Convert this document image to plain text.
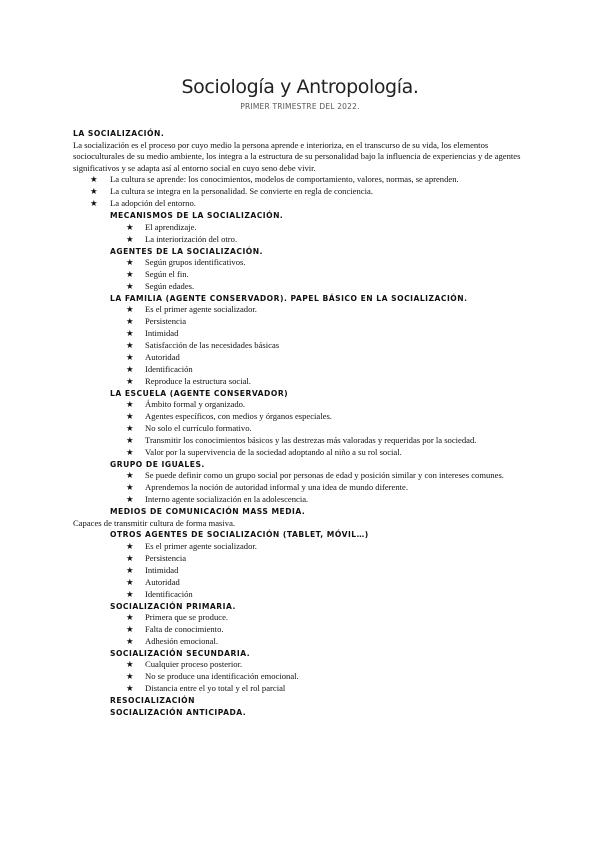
Sociología y Antropología.
PRIMER TRIMESTRE DEL 2022.
LA SOCIALIZACIÓN.
La socialización es el proceso por cuyo medio la persona aprende e interioriza, en el transcurso de su vida, los elementos socioculturales de su medio ambiente, los integra a la estructura de su personalidad bajo la influencia de experiencias y de agentes significativos y se adapta así al entorno social en cuyo seno debe vivir.
★ La cultura se aprende: los conocimientos, modelos de comportamiento, valores, normas, se aprenden.
★ La cultura se integra en la personalidad. Se convierte en regla de conciencia.
★ La adopción del entorno.
MECANISMOS DE LA SOCIALIZACIÓN.
★ El aprendizaje.
★ La interiorización del otro.
AGENTES DE LA SOCIALIZACIÓN.
★ Según grupos identificativos.
★ Según el fin.
★ Según edades.
LA FAMILIA (AGENTE CONSERVADOR). PAPEL BÁSICO EN LA SOCIALIZACIÓN.
★ Es el primer agente socializador.
★ Persistencia
★ Intimidad
★ Satisfacción de las necesidades básicas
★ Autoridad
★ Identificación
★ Reproduce la estructura social.
LA ESCUELA (AGENTE CONSERVADOR)
★ Ámbito formal y organizado.
★ Agentes específicos, con medios y órganos especiales.
★ No solo el currículo formativo.
★ Transmitir los conocimientos básicos y las destrezas más valoradas y requeridas por la sociedad.
★ Valor por la supervivencia de la sociedad adoptando al niño a su rol social.
GRUPO DE IGUALES.
★ Se puede definir como un grupo social por personas de edad y posición similar y con intereses comunes.
★ Aprendemos la noción de autoridad informal y una idea de mundo diferente.
★ Interno agente socialización en la adolescencia.
MEDIOS DE COMUNICACIÓN MASS MEDIA.
Capaces de transmitir cultura de forma masiva.
OTROS AGENTES DE SOCIALIZACIÓN (TABLET, MÓVIL…)
★ Es el primer agente socializador.
★ Persistencia
★ Intimidad
★ Autoridad
★ Identificación
SOCIALIZACIÓN PRIMARIA.
★ Primera que se produce.
★ Falta de conocimiento.
★ Adhesión emocional.
SOCIALIZACIÓN SECUNDARIA.
★ Cualquier proceso posterior.
★ No se produce una identificación emocional.
★ Distancia entre el yo total y el rol parcial
RESOCIALIZACIÓN
SOCIALIZACIÓN ANTICIPADA.
